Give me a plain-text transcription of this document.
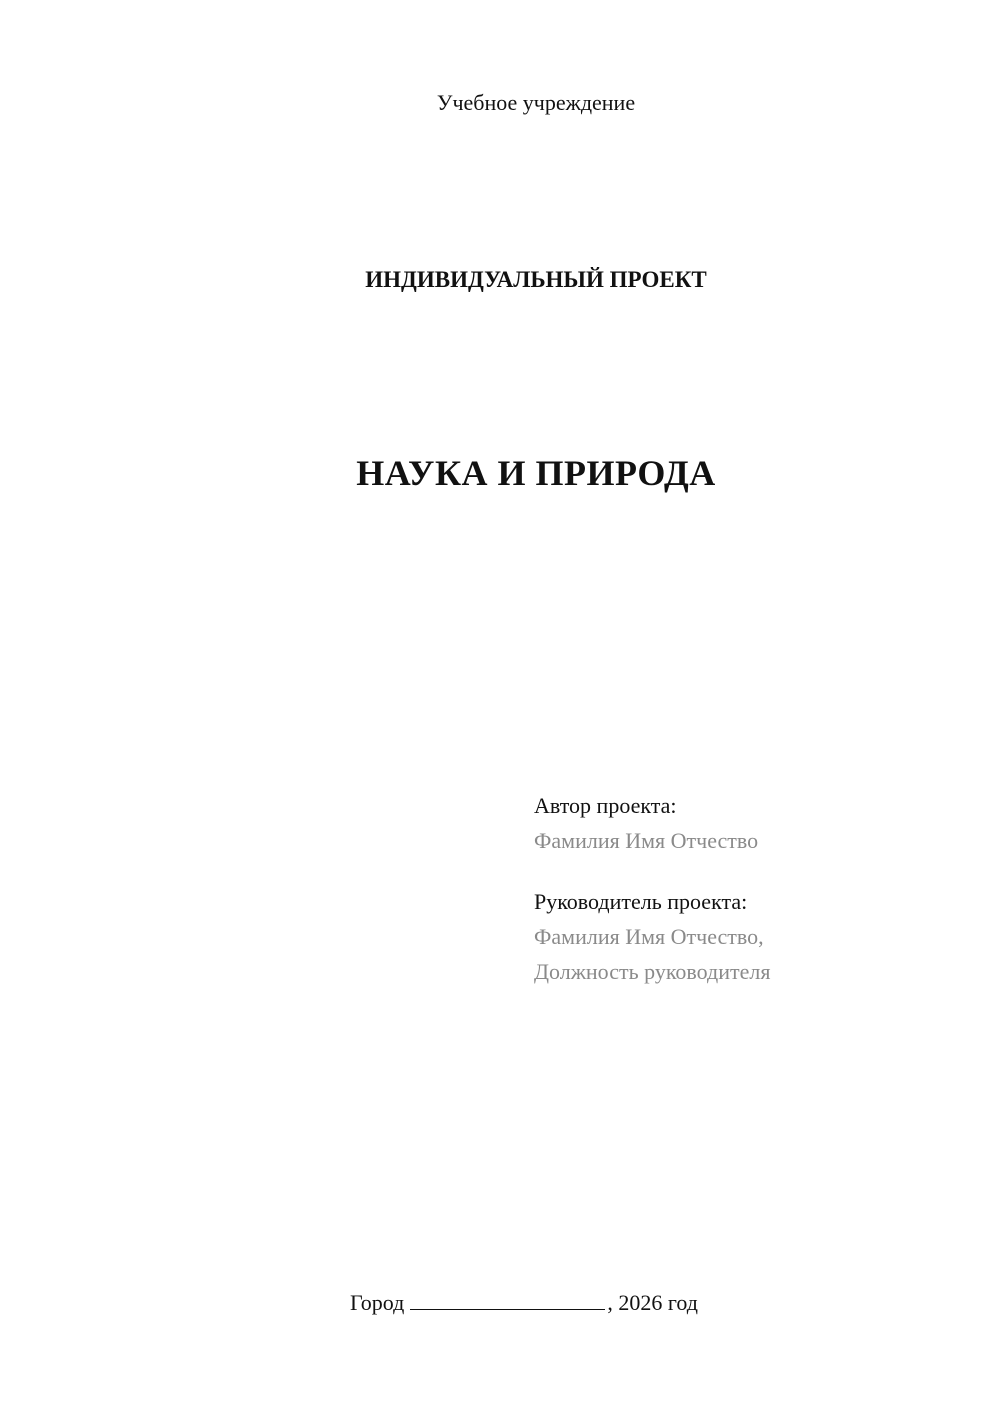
Учебное учреждение
ИНДИВИДУАЛЬНЫЙ ПРОЕКТ
НАУКА И ПРИРОДА
Автор проекта:
Фамилия Имя Отчество
Руководитель проекта:
Фамилия Имя Отчество,
Должность руководителя
Город	, 2026 год
